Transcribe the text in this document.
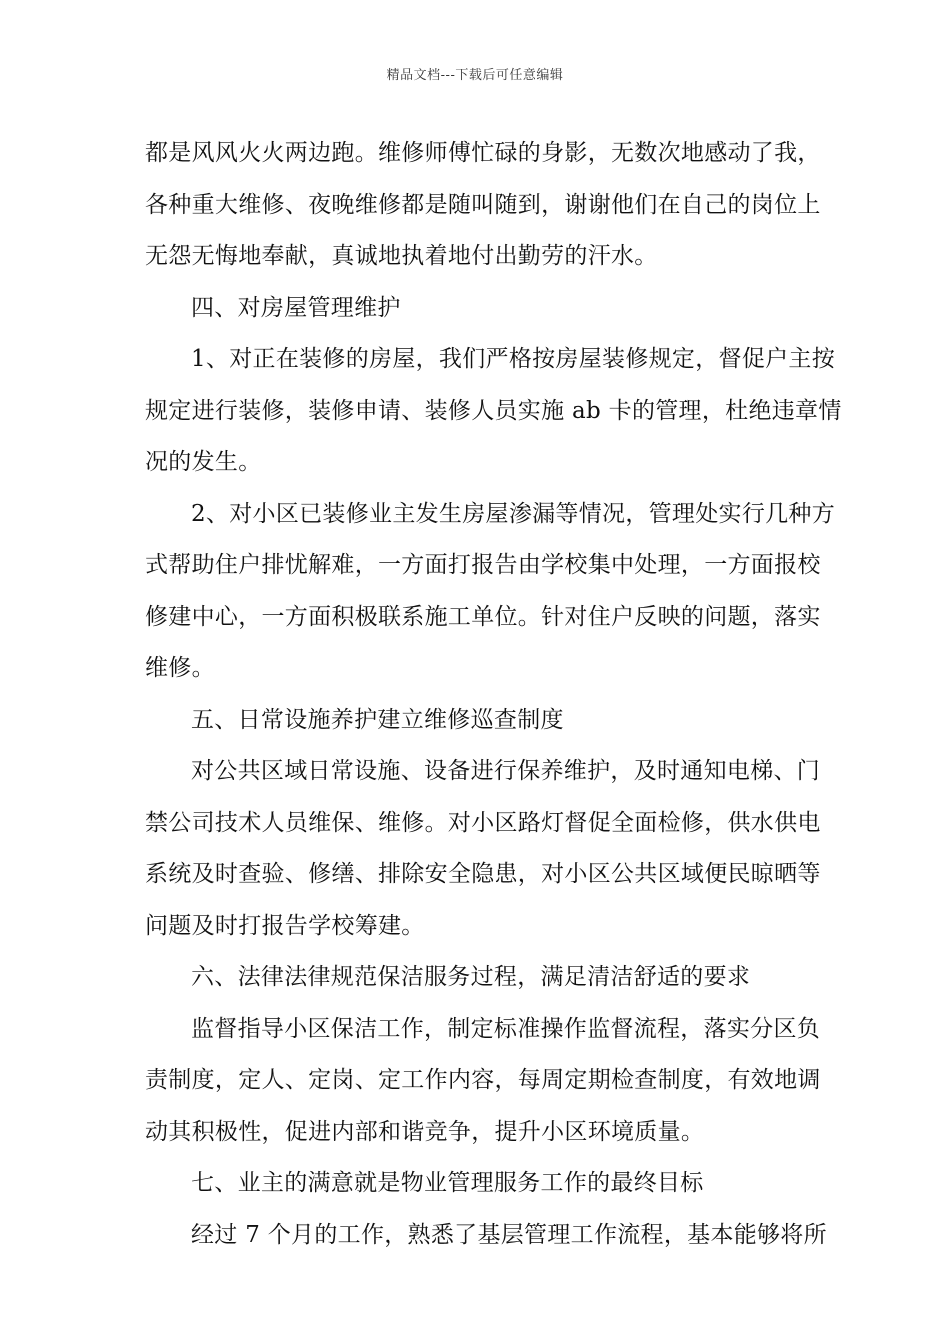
精品文档---下载后可任意编辑
都是风风火火两边跑。维修师傅忙碌的身影，无数次地感动了我，
各种重大维修、夜晚维修都是随叫随到，谢谢他们在自己的岗位上
无怨无悔地奉献，真诚地执着地付出勤劳的汗水。
四、对房屋管理维护
1、对正在装修的房屋，我们严格按房屋装修规定，督促户主按
规定进行装修，装修申请、装修人员实施 ab 卡的管理，杜绝违章情
况的发生。
2、对小区已装修业主发生房屋渗漏等情况，管理处实行几种方
式帮助住户排忧解难，一方面打报告由学校集中处理，一方面报校
修建中心，一方面积极联系施工单位。针对住户反映的问题，落实
维修。
五、日常设施养护建立维修巡查制度
对公共区域日常设施、设备进行保养维护，及时通知电梯、门
禁公司技术人员维保、维修。对小区路灯督促全面检修，供水供电
系统及时查验、修缮、排除安全隐患，对小区公共区域便民晾晒等
问题及时打报告学校筹建。
六、法律法律规范保洁服务过程，满足清洁舒适的要求
监督指导小区保洁工作，制定标准操作监督流程，落实分区负
责制度，定人、定岗、定工作内容，每周定期检查制度，有效地调
动其积极性，促进内部和谐竞争，提升小区环境质量。
七、业主的满意就是物业管理服务工作的最终目标
经过 7 个月的工作，熟悉了基层管理工作流程，基本能够将所
